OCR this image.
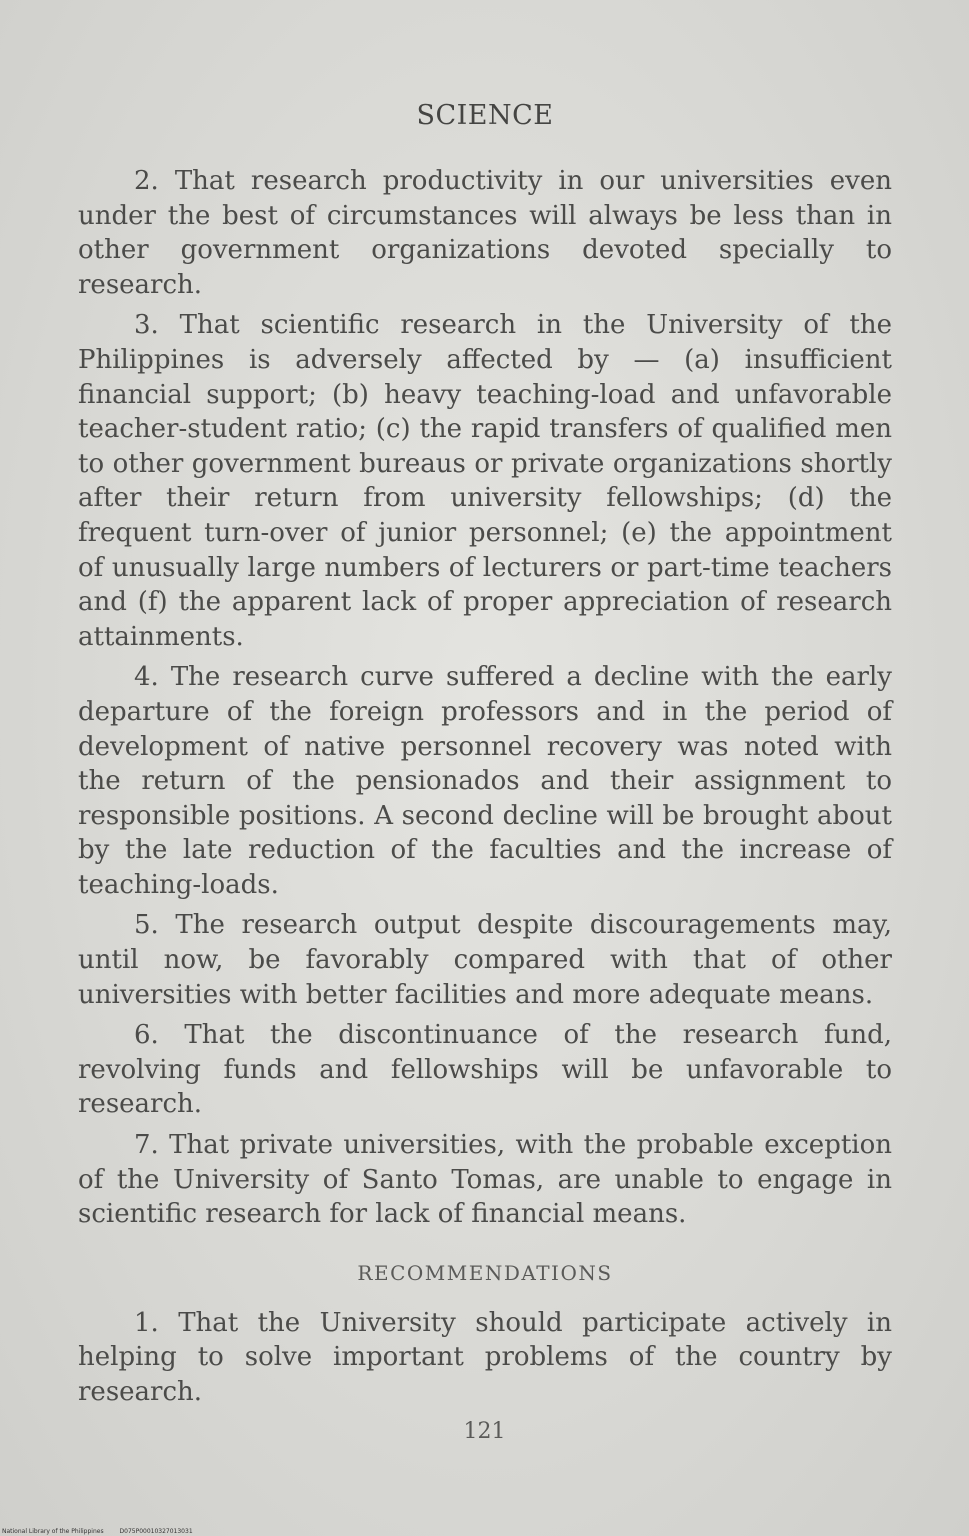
SCIENCE

2. That research productivity in our universities even under the best of circumstances will always be less than in other government organizations devoted specially to research.

3. That scientific research in the University of the Philippines is adversely affected by — (a) insufficient financial support; (b) heavy teaching-load and unfavorable teacher-student ratio; (c) the rapid transfers of qualified men to other government bureaus or private organizations shortly after their return from university fellowships; (d) the frequent turn-over of junior personnel; (e) the appointment of unusually large numbers of lecturers or part-time teachers and (f) the apparent lack of proper appreciation of research attainments.

4. The research curve suffered a decline with the early departure of the foreign professors and in the period of development of native personnel recovery was noted with the return of the pensionados and their assignment to responsible positions. A second decline will be brought about by the late reduction of the faculties and the increase of teaching-loads.

5. The research output despite discouragements may, until now, be favorably compared with that of other universities with better facilities and more adequate means.

6. That the discontinuance of the research fund, revolving funds and fellowships will be unfavorable to research.

7. That private universities, with the probable exception of the University of Santo Tomas, are unable to engage in scientific research for lack of financial means.

RECOMMENDATIONS

1. That the University should participate actively in helping to solve important problems of the country by research.

121
National Library of the Philippines	D075P00010327013031
